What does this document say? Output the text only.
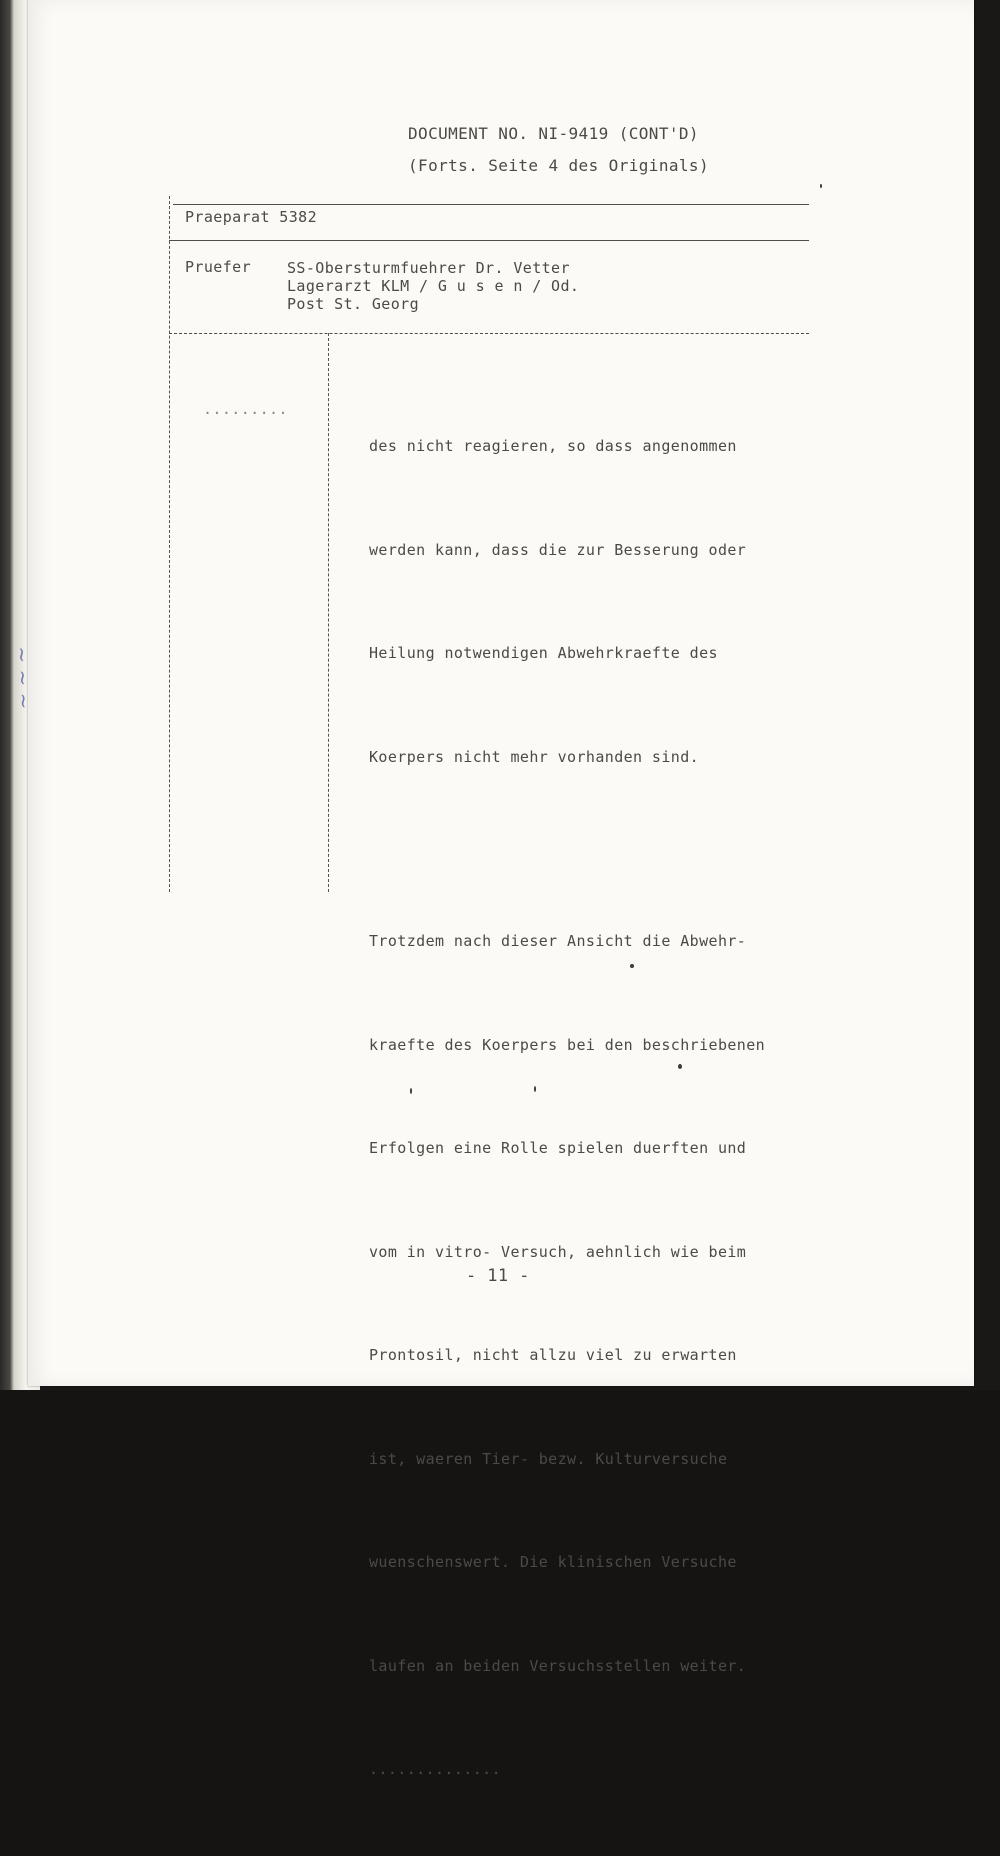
DOCUMENT NO. NI-9419 (CONT'D)
(Forts. Seite 4 des Originals)
Praeparat 5382
Pruefer SS-Obersturmfuehrer Dr. Vetter
Lagerarzt KLM / G u s e n / Od.
Post St. Georg
.........

des nicht reagieren, so dass angenommen

werden kann, dass die zur Besserung oder

Heilung notwendigen Abwehrkraefte des

Koerpers nicht mehr vorhanden sind.

Trotzdem nach dieser Ansicht die Abwehr-

kraefte des Koerpers bei den beschriebenen

Erfolgen eine Rolle spielen duerften und

vom in vitro- Versuch, aehnlich wie beim

Prontosil, nicht allzu viel zu erwarten

ist, waeren Tier- bezw. Kulturversuche

wuenschenswert. Die klinischen Versuche

laufen an beiden Versuchsstellen weiter.

..............

- 11 -
~ ~ ~
